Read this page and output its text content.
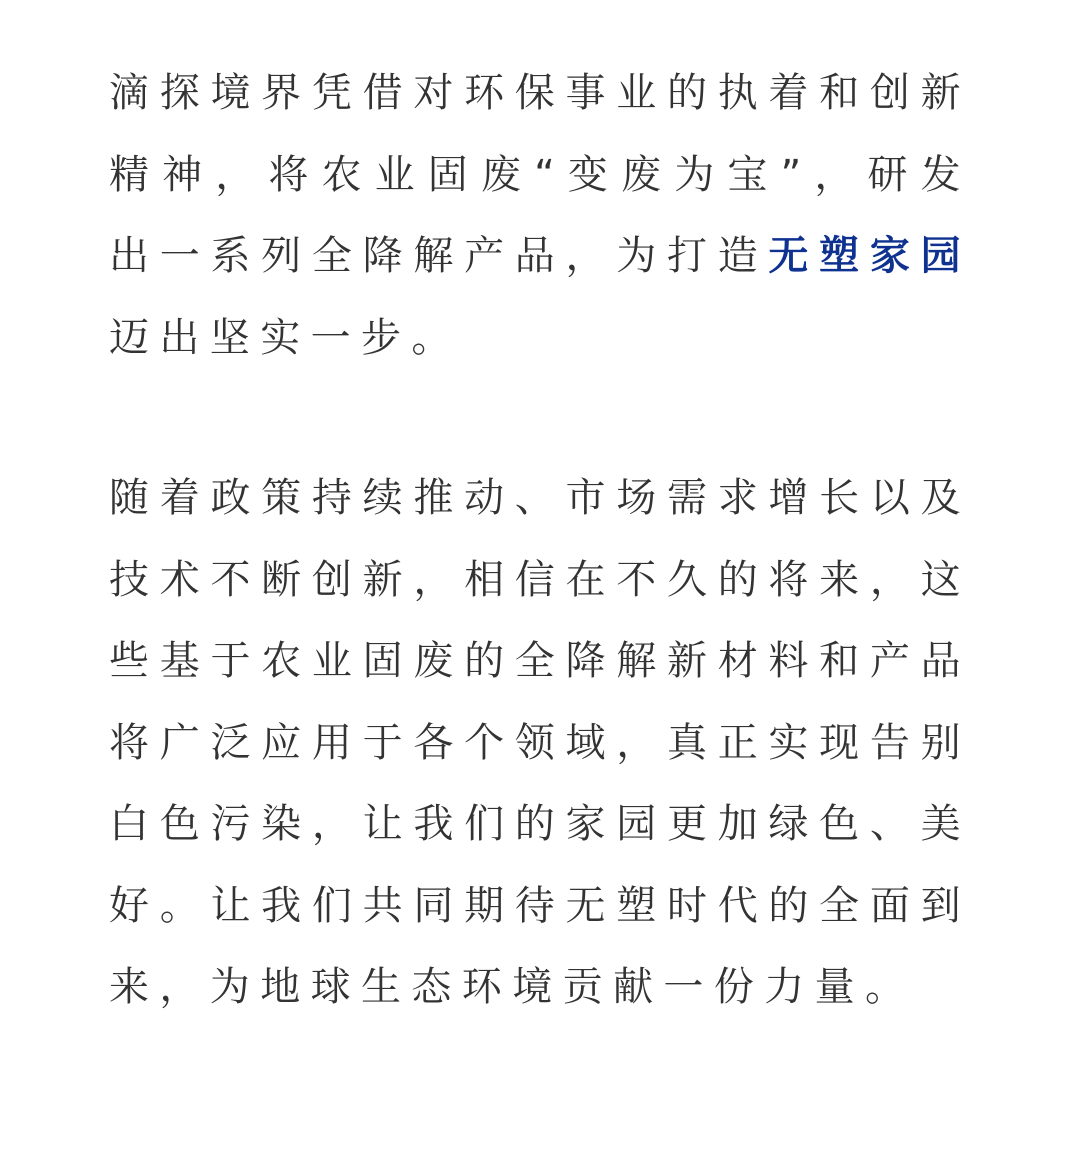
滴探境界凭借对环保事业的执着和创新精神，将农业固废“变废为宝”，研发出一系列全降解产品，为打造无塑家园迈出坚实一步。

随着政策持续推动、市场需求增长以及技术不断创新，相信在不久的将来，这些基于农业固废的全降解新材料和产品将广泛应用于各个领域，真正实现告别白色污染，让我们的家园更加绿色、美好。让我们共同期待无塑时代的全面到来，为地球生态环境贡献一份力量。
